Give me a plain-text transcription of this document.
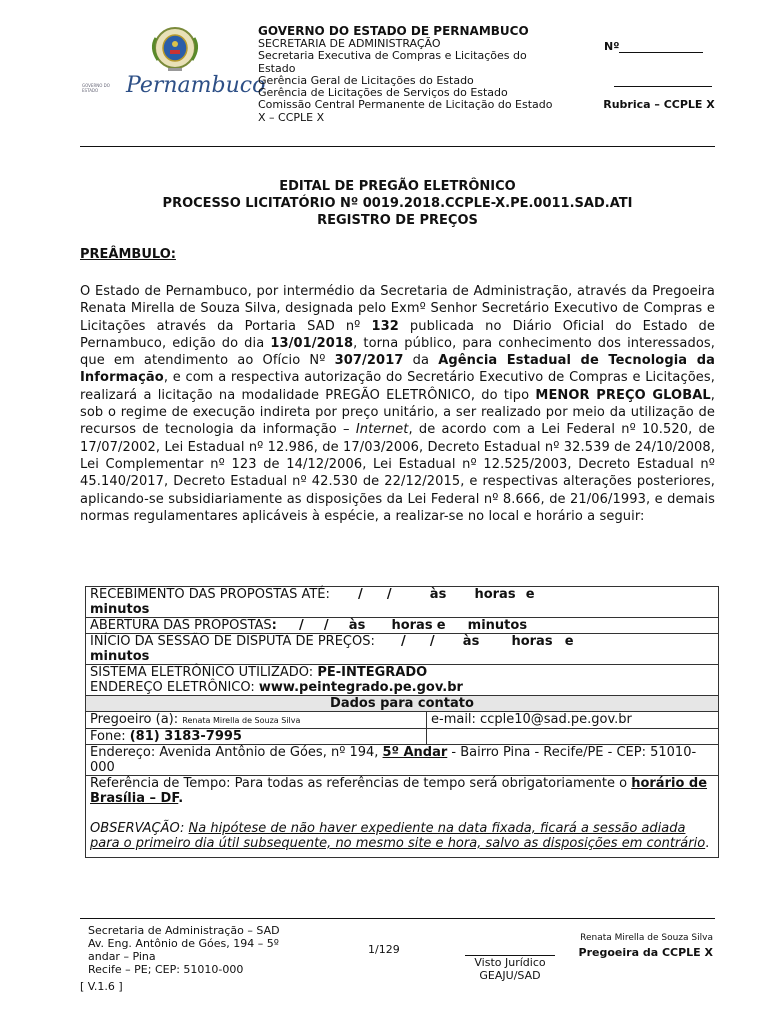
GOVERNO DO ESTADO	Pernambuco
GOVERNO DO ESTADO DE PERNAMBUCO
SECRETARIA DE ADMINISTRAÇÃO
Secretaria Executiva de Compras e Licitações do Estado
Gerência Geral de Licitações do Estado
Gerência de Licitações de Serviços do Estado
Comissão Central Permanente de Licitação do Estado X – CCPLE X
Nº
Rubrica – CCPLE X
EDITAL DE PREGÃO ELETRÔNICO
PROCESSO LICITATÓRIO Nº 0019.2018.CCPLE-X.PE.0011.SAD.ATI
REGISTRO DE PREÇOS
PREÂMBULO:
O Estado de Pernambuco, por intermédio da Secretaria de Administração, através da Pregoeira Renata Mirella de Souza Silva, designada pelo Exmº Senhor Secretário Executivo de Compras e Licitações através da Portaria SAD nº 132 publicada no Diário Oficial do Estado de Pernambuco, edição do dia 13/01/2018, torna público, para conhecimento dos interessados, que em atendimento ao Ofício Nº 307/2017 da Agência Estadual de Tecnologia da Informação, e com a respectiva autorização do Secretário Executivo de Compras e Licitações, realizará a licitação na modalidade PREGÃO ELETRÔNICO, do tipo MENOR PREÇO GLOBAL, sob o regime de execução indireta por preço unitário, a ser realizado por meio da utilização de recursos de tecnologia da informação – Internet, de acordo com a Lei Federal nº 10.520, de 17/07/2002, Lei Estadual nº 12.986, de 17/03/2006, Decreto Estadual nº 32.539 de 24/10/2008, Lei Complementar nº 123 de 14/12/2006, Lei Estadual nº 12.525/2003, Decreto Estadual nº 45.140/2017, Decreto Estadual nº 42.530 de 22/12/2015, e respectivas alterações posteriores, aplicando-se subsidiariamente as disposições da Lei Federal nº 8.666, de 21/06/1993, e demais normas regulamentares aplicáveis à espécie, a realizar-se no local e horário a seguir:
RECEBIMENTO DAS PROPOSTAS ATÉ: / /	às horas e
minutos
ABERTURA DAS PROPOSTAS: / / às horas e minutos
INÍCIO DA SESSÃO DE DISPUTA DE PREÇOS: / / às horas e
minutos
SISTEMA ELETRÔNICO UTILIZADO: PE-INTEGRADO
ENDEREÇO ELETRÔNICO: www.peintegrado.pe.gov.br
Dados para contato
Pregoeiro (a): Renata Mirella de Souza Silva	e-mail: ccple10@sad.pe.gov.br
Fone: (81) 3183-7995
Endereço: Avenida Antônio de Góes, nº 194, 5º Andar - Bairro Pina - Recife/PE - CEP: 51010-000
Referência de Tempo: Para todas as referências de tempo será obrigatoriamente o horário de Brasília – DF.
OBSERVAÇÃO: Na hipótese de não haver expediente na data fixada, ficará a sessão adiada para o primeiro dia útil subsequente, no mesmo site e hora, salvo as disposições em contrário.
Secretaria de Administração – SAD
Av. Eng. Antônio de Góes, 194 – 5º andar – Pina
Recife – PE; CEP: 51010-000
1/129
Visto Jurídico
GEAJU/SAD
Renata Mirella de Souza Silva
Pregoeira da CCPLE X
[ V.1.6 ]
